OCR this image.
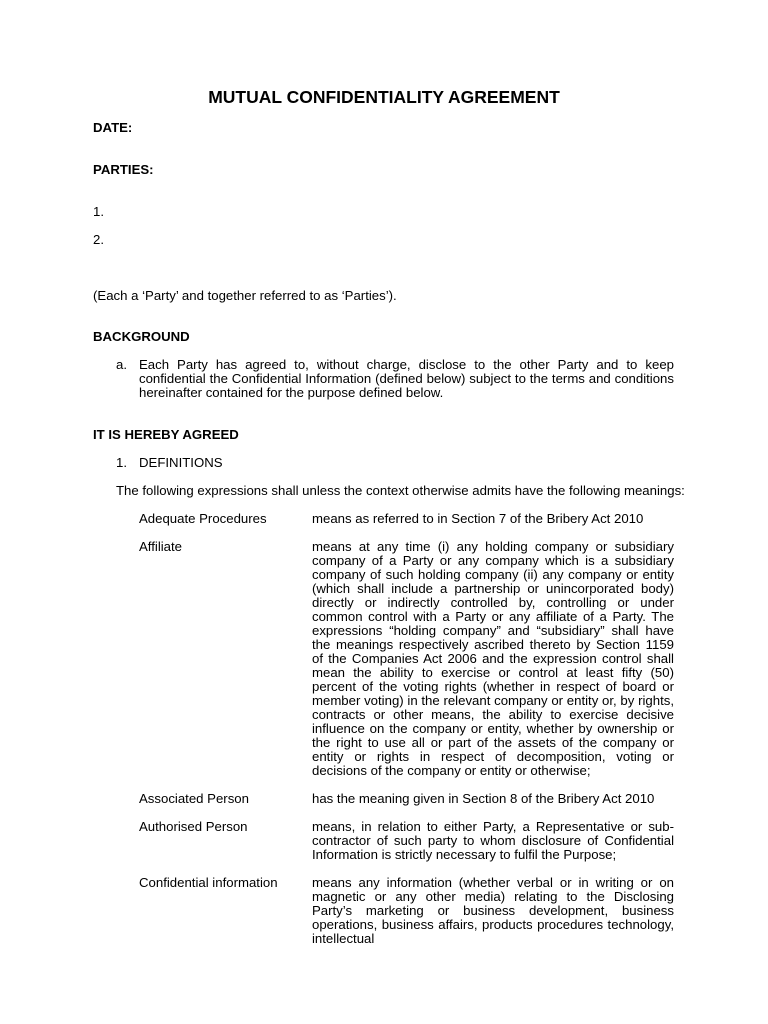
MUTUAL CONFIDENTIALITY AGREEMENT
DATE:
PARTIES:
1.
2.
(Each a ‘Party’ and together referred to as ‘Parties’).
BACKGROUND
a. Each Party has agreed to, without charge, disclose to the other Party and to keep confidential the Confidential Information (defined below) subject to the terms and conditions hereinafter contained for the purpose defined below.
IT IS HEREBY AGREED
1. DEFINITIONS
The following expressions shall unless the context otherwise admits have the following meanings:
Adequate Procedures	means as referred to in Section 7 of the Bribery Act 2010
Affiliate	means at any time (i) any holding company or subsidiary company of a Party or any company which is a subsidiary company of such holding company (ii) any company or entity (which shall include a partnership or unincorporated body) directly or indirectly controlled by, controlling or under common control with a Party or any affiliate of a Party. The expressions “holding company” and “subsidiary” shall have the meanings respectively ascribed thereto by Section 1159 of the Companies Act 2006 and the expression control shall mean the ability to exercise or control at least fifty (50) percent of the voting rights (whether in respect of board or member voting) in the relevant company or entity or, by rights, contracts or other means, the ability to exercise decisive influence on the company or entity, whether by ownership or the right to use all or part of the assets of the company or entity or rights in respect of decomposition, voting or decisions of the company or entity or otherwise;
Associated Person	has the meaning given in Section 8 of the Bribery Act 2010
Authorised Person	means, in relation to either Party, a Representative or sub-contractor of such party to whom disclosure of Confidential Information is strictly necessary to fulfil the Purpose;
Confidential information	means any information (whether verbal or in writing or on magnetic or any other media) relating to the Disclosing Party’s marketing or business development, business operations, business affairs, products procedures technology, intellectual
